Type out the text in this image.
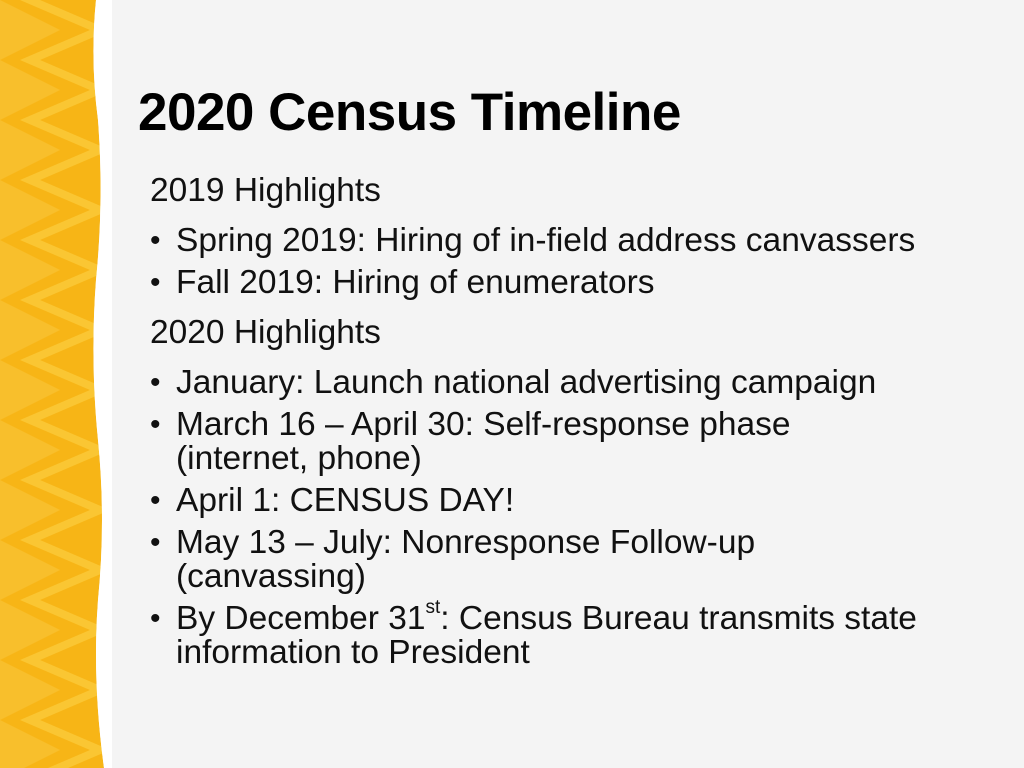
2020 Census Timeline
2019 Highlights
• Spring 2019: Hiring of in-field address canvassers
• Fall 2019: Hiring of enumerators
2020 Highlights
• January: Launch national advertising campaign
• March 16 – April 30: Self-response phase (internet, phone)
• April 1: CENSUS DAY!
• May 13 – July: Nonresponse Follow-up (canvassing)
• By December 31st: Census Bureau transmits state information to President
